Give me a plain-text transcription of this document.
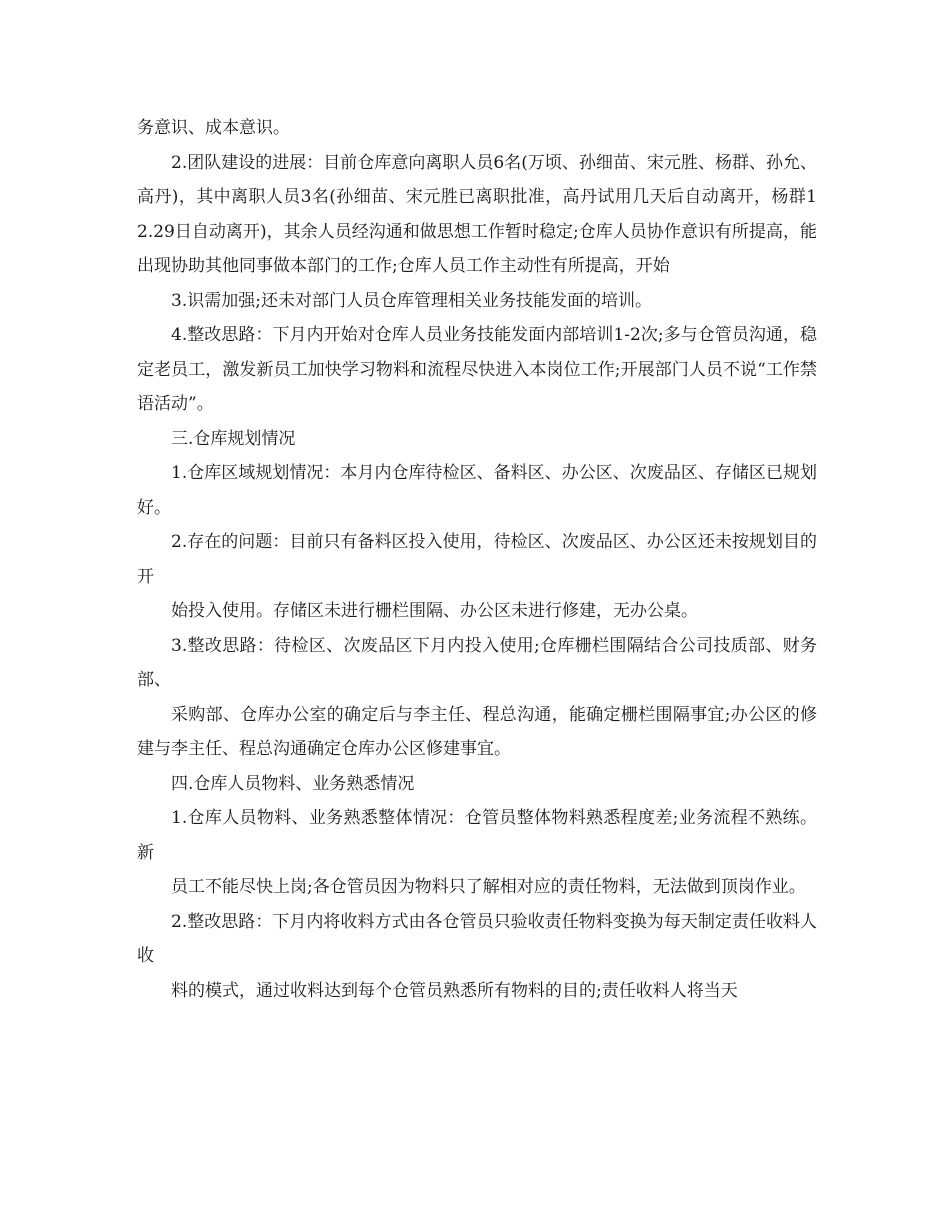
务意识、成本意识。

2.团队建设的进展：目前仓库意向离职人员6名(万顷、孙细苗、宋元胜、杨群、孙允、高丹)，其中离职人员3名(孙细苗、宋元胜已离职批准，高丹试用几天后自动离开，杨群12.29日自动离开)，其余人员经沟通和做思想工作暂时稳定;仓库人员协作意识有所提高，能出现协助其他同事做本部门的工作;仓库人员工作主动性有所提高，开始

3.识需加强;还未对部门人员仓库管理相关业务技能发面的培训。

4.整改思路：下月内开始对仓库人员业务技能发面内部培训1-2次;多与仓管员沟通，稳定老员工，激发新员工加快学习物料和流程尽快进入本岗位工作;开展部门人员不说“工作禁语活动”。

三.仓库规划情况

1.仓库区域规划情况：本月内仓库待检区、备料区、办公区、次废品区、存储区已规划好。

2.存在的问题：目前只有备料区投入使用，待检区、次废品区、办公区还未按规划目的开

始投入使用。存储区未进行栅栏围隔、办公区未进行修建，无办公桌。

3.整改思路：待检区、次废品区下月内投入使用;仓库栅栏围隔结合公司技质部、财务部、

采购部、仓库办公室的确定后与李主任、程总沟通，能确定栅栏围隔事宜;办公区的修建与李主任、程总沟通确定仓库办公区修建事宜。

四.仓库人员物料、业务熟悉情况

1.仓库人员物料、业务熟悉整体情况：仓管员整体物料熟悉程度差;业务流程不熟练。新

员工不能尽快上岗;各仓管员因为物料只了解相对应的责任物料，无法做到顶岗作业。

2.整改思路：下月内将收料方式由各仓管员只验收责任物料变换为每天制定责任收料人收

料的模式，通过收料达到每个仓管员熟悉所有物料的目的;责任收料人将当天
